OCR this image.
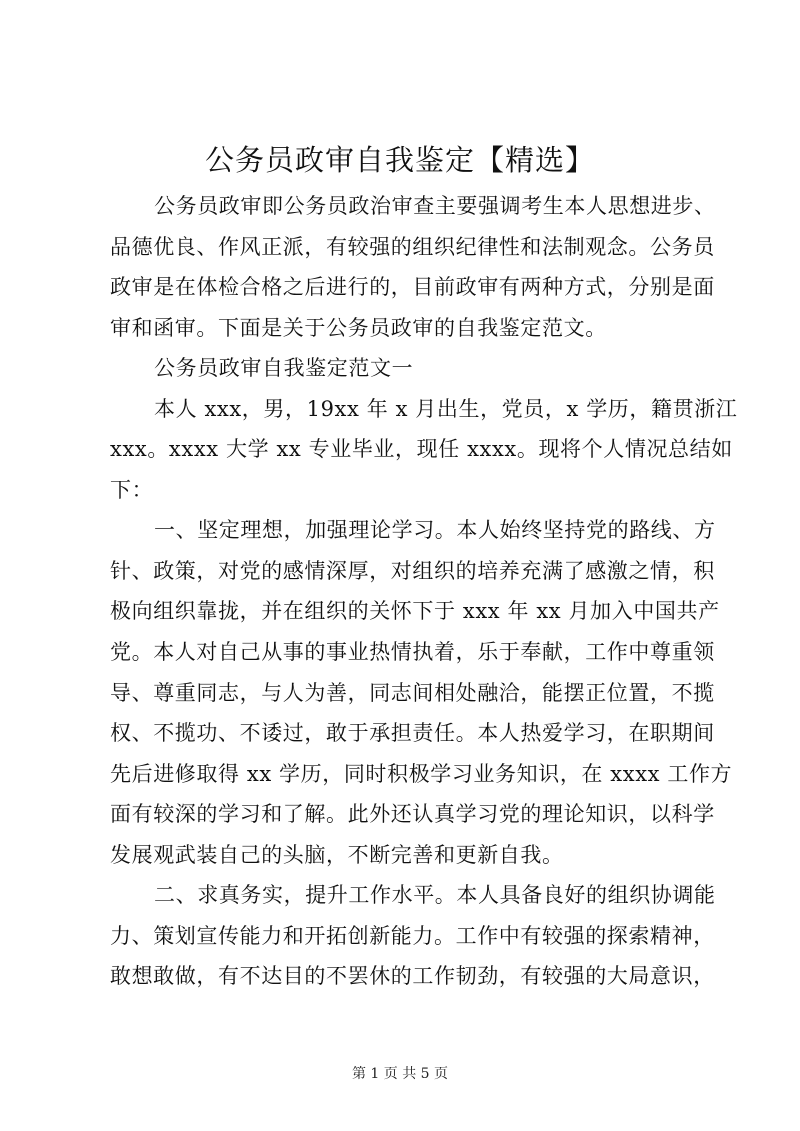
公务员政审自我鉴定【精选】
公务员政审即公务员政治审查主要强调考生本人思想进步、
品德优良、作风正派，有较强的组织纪律性和法制观念。公务员
政审是在体检合格之后进行的，目前政审有两种方式，分别是面
审和函审。下面是关于公务员政审的自我鉴定范文。
公务员政审自我鉴定范文一
本人 xxx，男，19xx 年 x 月出生，党员，x 学历，籍贯浙江
xxx。xxxx 大学 xx 专业毕业，现任 xxxx。现将个人情况总结如
下：
一、坚定理想，加强理论学习。本人始终坚持党的路线、方
针、政策，对党的感情深厚，对组织的培养充满了感激之情，积
极向组织靠拢，并在组织的关怀下于 xxx 年 xx 月加入中国共产
党。本人对自己从事的事业热情执着，乐于奉献，工作中尊重领
导、尊重同志，与人为善，同志间相处融洽，能摆正位置，不揽
权、不揽功、不诿过，敢于承担责任。本人热爱学习，在职期间
先后进修取得 xx 学历，同时积极学习业务知识，在 xxxx 工作方
面有较深的学习和了解。此外还认真学习党的理论知识，以科学
发展观武装自己的头脑，不断完善和更新自我。
二、求真务实，提升工作水平。本人具备良好的组织协调能
力、策划宣传能力和开拓创新能力。工作中有较强的探索精神，
敢想敢做，有不达目的不罢休的工作韧劲，有较强的大局意识，
第 1 页 共 5 页
